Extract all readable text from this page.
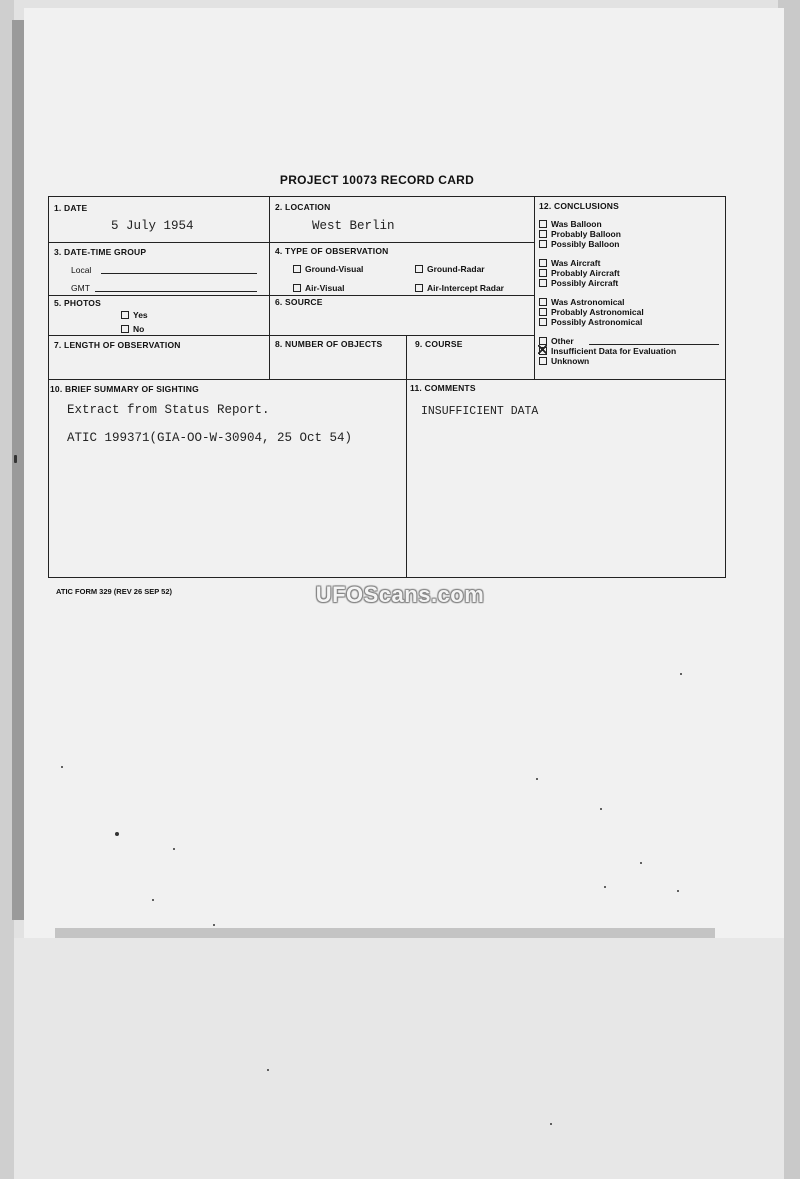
PROJECT 10073 RECORD CARD
1. DATE
5 July 1954
2. LOCATION
West Berlin
3. DATE-TIME GROUP
Local
GMT
4. TYPE OF OBSERVATION
Ground-Visual	Ground-Radar
Air-Visual	Air-Intercept Radar
5. PHOTOS
Yes
No
6. SOURCE
7. LENGTH OF OBSERVATION	8. NUMBER OF OBJECTS	9. COURSE
12. CONCLUSIONS
Was Balloon
Probably Balloon
Possibly Balloon
Was Aircraft
Probably Aircraft
Possibly Aircraft
Was Astronomical
Probably Astronomical
Possibly Astronomical
Other
Insufficient Data for Evaluation
Unknown
10. BRIEF SUMMARY OF SIGHTING
Extract from Status Report.
ATIC 199371(GIA-OO-W-30904, 25 Oct 54)
11. COMMENTS
INSUFFICIENT DATA
ATIC FORM 329 (REV 26 SEP 52)	UFOScans.com
